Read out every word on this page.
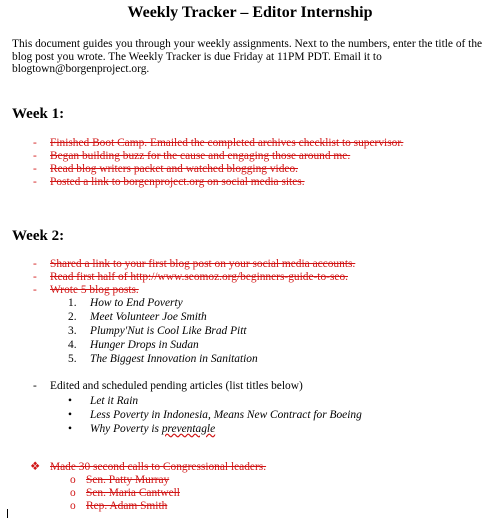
Weekly Tracker – Editor Internship
This document guides you through your weekly assignments. Next to the numbers, enter the title of the blog post you wrote. The Weekly Tracker is due Friday at 11PM PDT. Email it to blogtown@borgenproject.org.
Week 1:
- Finished Boot Camp. Emailed the completed archives checklist to supervisor.
- Began building buzz for the cause and engaging those around me.
- Read blog writers packet and watched blogging video.
- Posted a link to borgenproject.org on social media sites.
Week 2:
- Shared a link to your first blog post on your social media accounts.
- Read first half of http://www.seomoz.org/beginners-guide-to-seo.
- Wrote 5 blog posts.
1. How to End Poverty
2. Meet Volunteer Joe Smith
3. Plumpy'Nut is Cool Like Brad Pitt
4. Hunger Drops in Sudan
5. The Biggest Innovation in Sanitation
- Edited and scheduled pending articles (list titles below)
• Let it Rain
• Less Poverty in Indonesia, Means New Contract for Boeing
• Why Poverty is preventagle
❖ Made 30 second calls to Congressional leaders.
o Sen. Patty Murray
o Sen. Maria Cantwell
o Rep. Adam Smith
